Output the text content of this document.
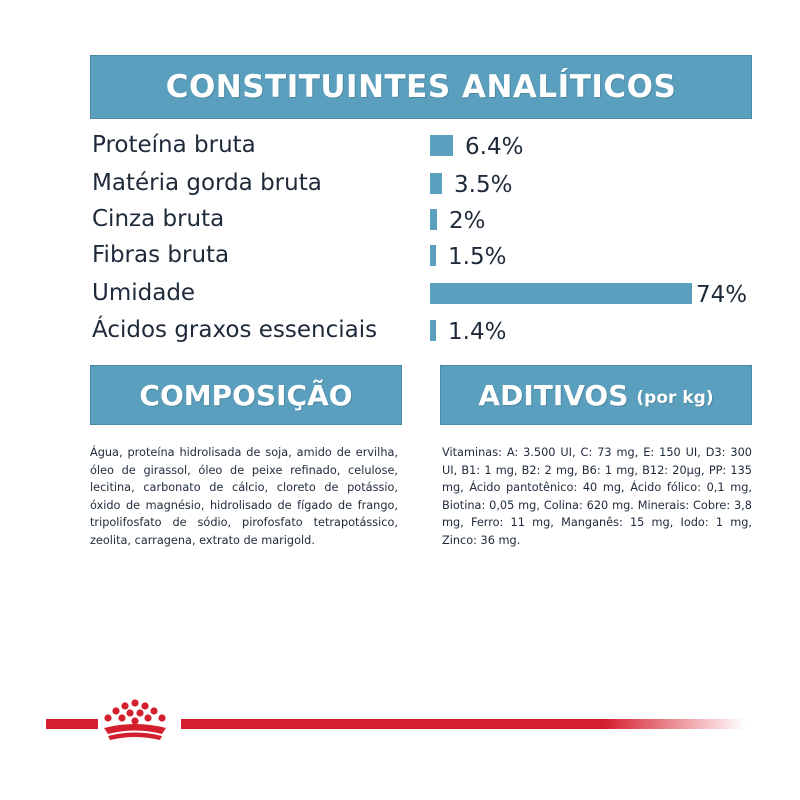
CONSTITUINTES ANALÍTICOS
Proteína bruta	6.4%
Matéria gorda bruta	3.5%
Cinza bruta	2%
Fibras bruta	1.5%
Umidade	74%
Ácidos graxos essenciais	1.4%
COMPOSIÇÃO	ADITIVOS (por kg)
Água, proteína hidrolisada de soja, amido de ervilha, óleo de girassol, óleo de peixe refinado, celulose, lecitina, carbonato de cálcio, cloreto de potássio, óxido de magnésio, hidrolisado de fígado de frango, tripolifosfato de sódio, pirofosfato tetrapotássico, zeolita, carragena, extrato de marigold.
Vitaminas: A: 3.500 UI, C: 73 mg, E: 150 UI, D3: 300 UI, B1: 1 mg, B2: 2 mg, B6: 1 mg, B12: 20µg, PP: 135 mg, Ácido pantotênico: 40 mg, Ácido fólico: 0,1 mg, Biotina: 0,05 mg, Colina: 620 mg. Minerais: Cobre: 3,8 mg, Ferro: 11 mg, Manganês: 15 mg, Iodo: 1 mg, Zinco: 36 mg.
